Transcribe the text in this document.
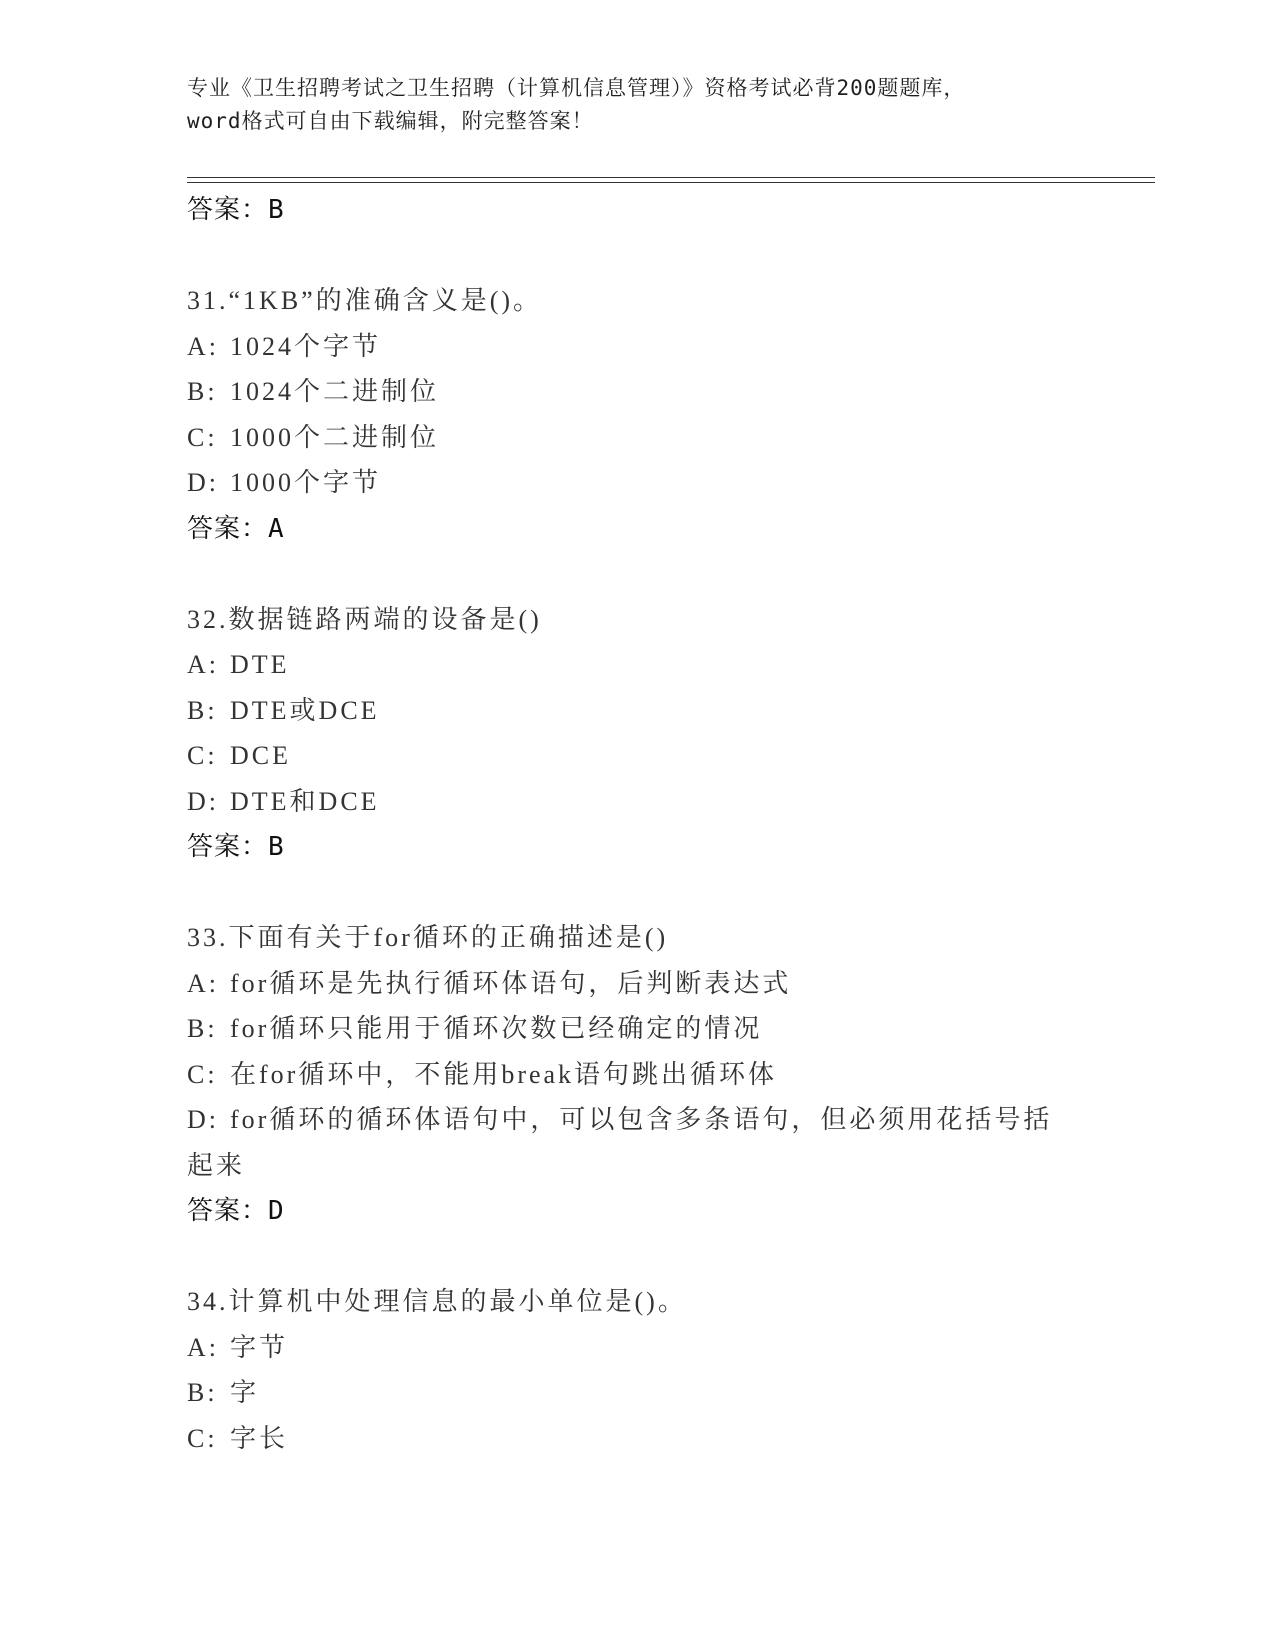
专业《卫生招聘考试之卫生招聘（计算机信息管理）》资格考试必背200题题库，
word格式可自由下载编辑，附完整答案！
答案：B
31.“1KB”的准确含义是()。
A: 1024个字节
B: 1024个二进制位
C: 1000个二进制位
D: 1000个字节
答案：A
32.数据链路两端的设备是()
A: DTE
B: DTE或DCE
C: DCE
D: DTE和DCE
答案：B
33.下面有关于for循环的正确描述是()
A: for循环是先执行循环体语句，后判断表达式
B: for循环只能用于循环次数已经确定的情况
C: 在for循环中，不能用break语句跳出循环体
D: for循环的循环体语句中，可以包含多条语句，但必须用花括号括起来
答案：D
34.计算机中处理信息的最小单位是()。
A: 字节
B: 字
C: 字长
